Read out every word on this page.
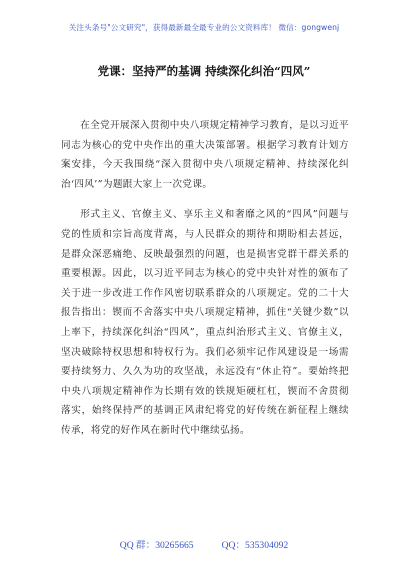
关注头条号"公文研究"，获得最新最全最专业的公文资料库！ 微信：gongwenj
党课：坚持严的基调 持续深化纠治“四风”

在全党开展深入贯彻中央八项规定精神学习教育，是以习近平同志为核心的党中央作出的重大决策部署。根据学习教育计划方案安排，今天我围绕“深入贯彻中央八项规定精神、持续深化纠治‘四风’”为题跟大家上一次党课。

形式主义、官僚主义、享乐主义和奢靡之风的“四风”问题与党的性质和宗旨高度背离，与人民群众的期待和期盼相去甚远，是群众深恶痛绝、反映最强烈的问题，也是损害党群干群关系的重要根源。因此，以习近平同志为核心的党中央针对性的颁布了关于进一步改进工作作风密切联系群众的八项规定。党的二十大报告指出：锲而不舍落实中央八项规定精神，抓住“关键少数”以上率下，持续深化纠治“四风”，重点纠治形式主义、官僚主义，坚决破除特权思想和特权行为。我们必须牢记作风建设是一场需要持续努力、久久为功的攻坚战，永远没有“休止符”。要始终把中央八项规定精神作为长期有效的铁规矩硬杠杠，锲而不舍贯彻落实，始终保持严的基调正风肃纪将党的好传统在新征程上继续传承，将党的好作风在新时代中继续弘扬。

QQ 群：30265665	QQ：535304092
